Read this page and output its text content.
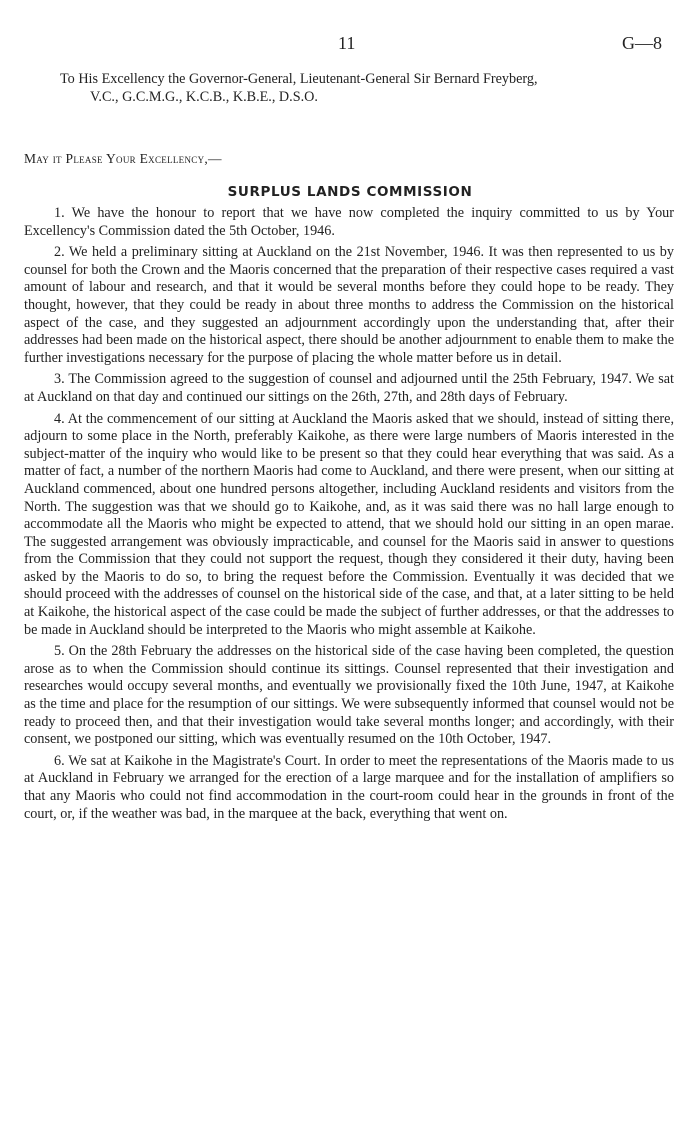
11	G—8
To His Excellency the Governor-General, Lieutenant-General Sir Bernard Freyberg,
V.C., G.C.M.G., K.C.B., K.B.E., D.S.O.
May it Please Your Excellency,—
SURPLUS LANDS COMMISSION

1. We have the honour to report that we have now completed the inquiry committed to us by Your Excellency's Commission dated the 5th October, 1946.

2. We held a preliminary sitting at Auckland on the 21st November, 1946. It was then represented to us by counsel for both the Crown and the Maoris concerned that the preparation of their respective cases required a vast amount of labour and research, and that it would be several months before they could hope to be ready. They thought, however, that they could be ready in about three months to address the Commission on the historical aspect of the case, and they suggested an adjournment accordingly upon the understanding that, after their addresses had been made on the historical aspect, there should be another adjournment to enable them to make the further investigations necessary for the purpose of placing the whole matter before us in detail.

3. The Commission agreed to the suggestion of counsel and adjourned until the 25th February, 1947. We sat at Auckland on that day and continued our sittings on the 26th, 27th, and 28th days of February.

4. At the commencement of our sitting at Auckland the Maoris asked that we should, instead of sitting there, adjourn to some place in the North, preferably Kaikohe, as there were large numbers of Maoris interested in the subject-matter of the inquiry who would like to be present so that they could hear everything that was said. As a matter of fact, a number of the northern Maoris had come to Auckland, and there were present, when our sitting at Auckland commenced, about one hundred persons altogether, including Auckland residents and visitors from the North. The suggestion was that we should go to Kaikohe, and, as it was said there was no hall large enough to accommodate all the Maoris who might be expected to attend, that we should hold our sitting in an open marae. The suggested arrangement was obviously impracticable, and counsel for the Maoris said in answer to questions from the Commission that they could not support the request, though they considered it their duty, having been asked by the Maoris to do so, to bring the request before the Commission. Eventually it was decided that we should proceed with the addresses of counsel on the historical side of the case, and that, at a later sitting to be held at Kaikohe, the historical aspect of the case could be made the subject of further addresses, or that the addresses to be made in Auckland should be interpreted to the Maoris who might assemble at Kaikohe.

5. On the 28th February the addresses on the historical side of the case having been completed, the question arose as to when the Commission should continue its sittings. Counsel represented that their investigation and researches would occupy several months, and eventually we provisionally fixed the 10th June, 1947, at Kaikohe as the time and place for the resumption of our sittings. We were subsequently informed that counsel would not be ready to proceed then, and that their investigation would take several months longer; and accordingly, with their consent, we postponed our sitting, which was eventually resumed on the 10th October, 1947.

6. We sat at Kaikohe in the Magistrate's Court. In order to meet the representations of the Maoris made to us at Auckland in February we arranged for the erection of a large marquee and for the installation of amplifiers so that any Maoris who could not find accommodation in the court-room could hear in the grounds in front of the court, or, if the weather was bad, in the marquee at the back, everything that went on.
